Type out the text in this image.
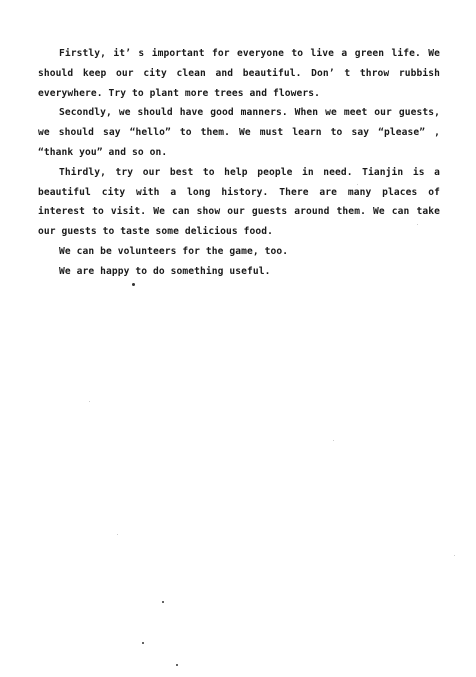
Firstly, it’ s important for everyone to live a green life. We should keep our city clean and beautiful. Don’ t throw rubbish everywhere. Try to plant more trees and flowers.

Secondly, we should have good manners. When we meet our guests, we should say “hello” to them. We must learn to say “please” , “thank you” and so on.

Thirdly, try our best to help people in need. Tianjin is a beautiful city with a long history. There are many places of interest to visit. We can show our guests around them. We can take our guests to taste some delicious food.

We can be volunteers for the game, too.

We are happy to do something useful.
